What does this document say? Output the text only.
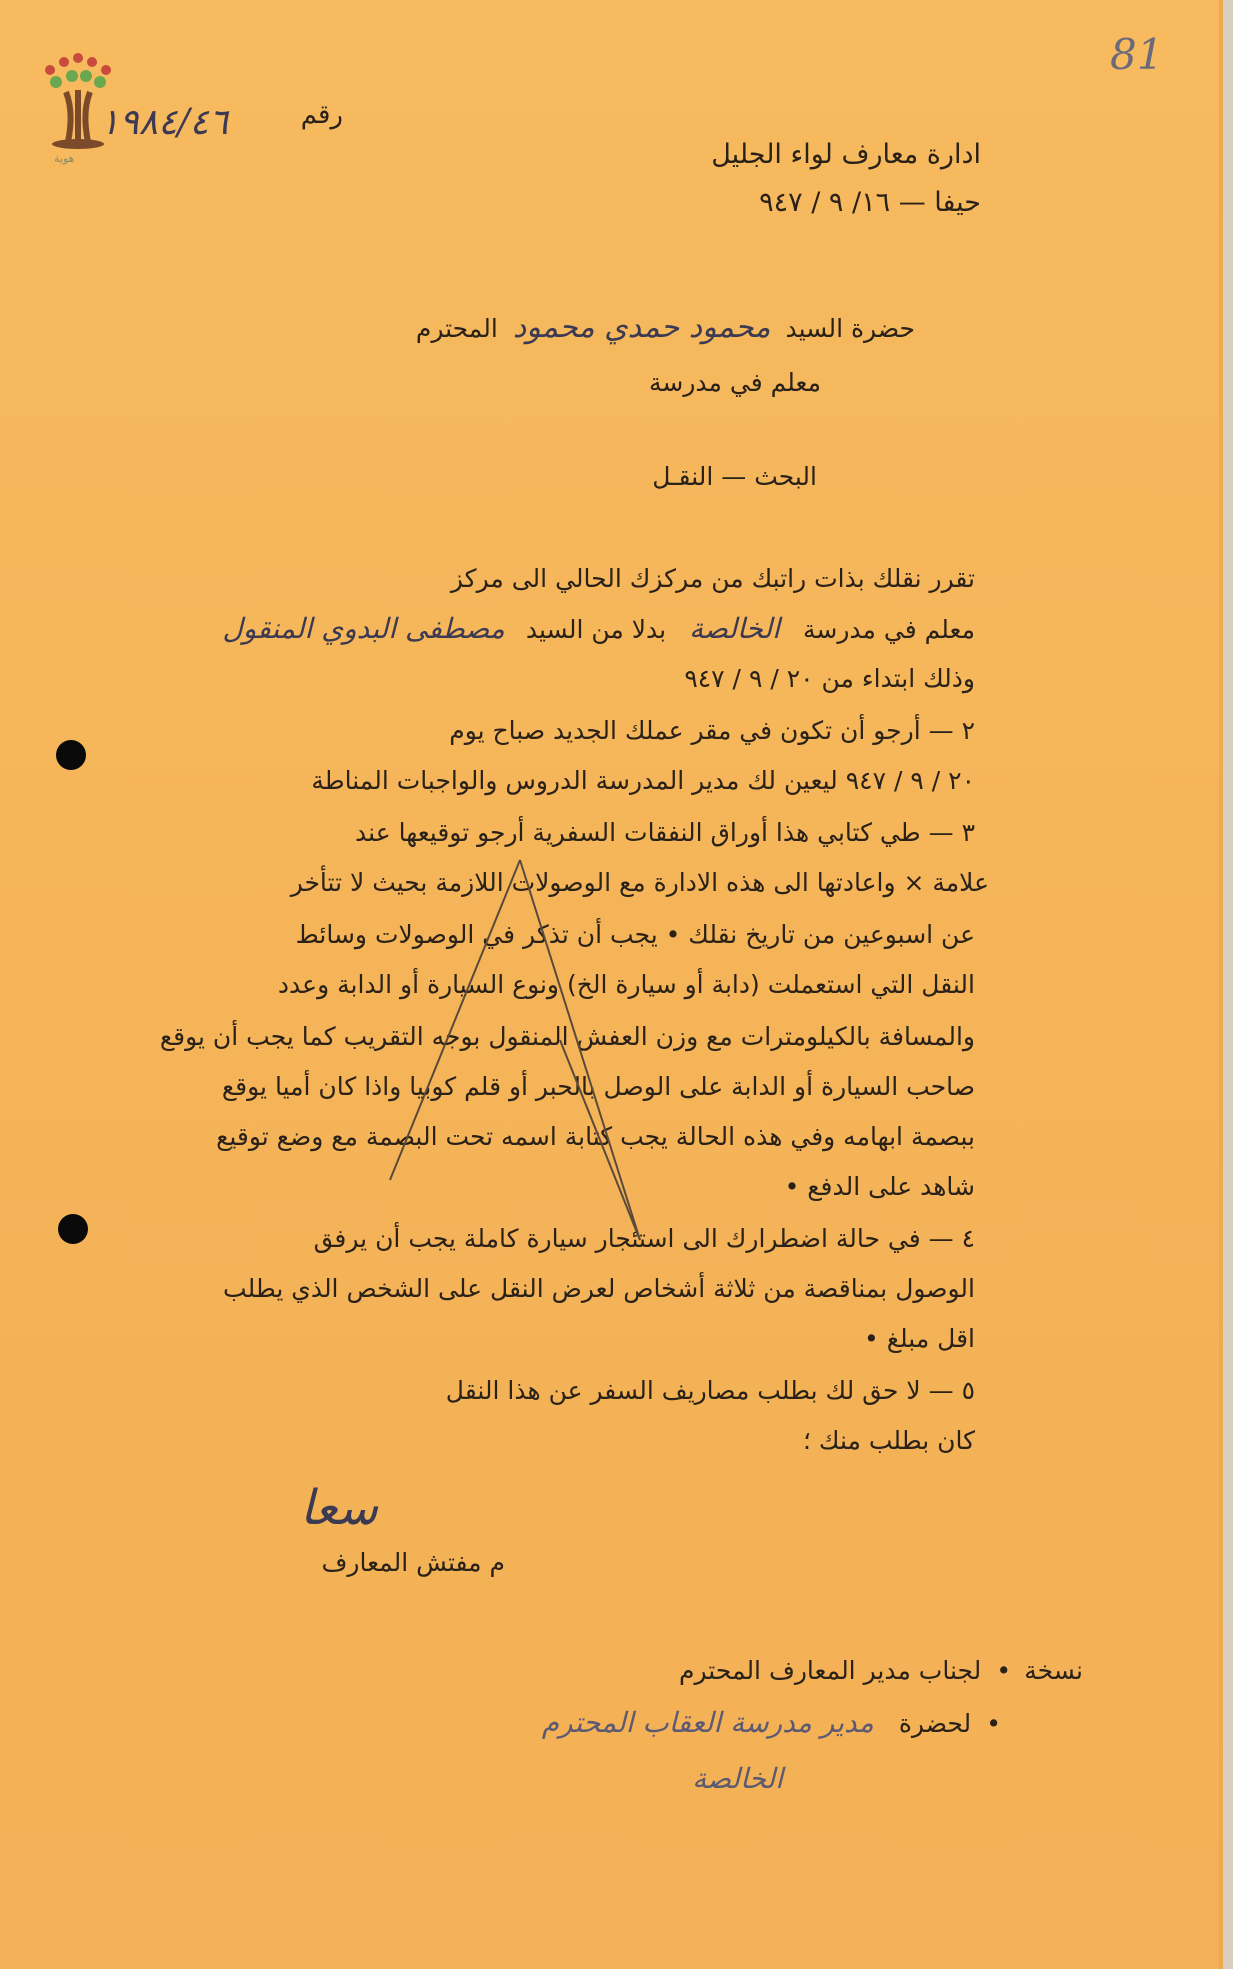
81
هوية
رقم
١٩٨٤/٤٦
ادارة معارف لواء الجليل
حيفا — ١٦/ ٩ / ٩٤٧
حضرة السيد محمود حمدي محمود المحترم
معلم في مدرسة
البحث — النقـل
تقرر نقلك بذات راتبك من مركزك الحالي الى مركز
معلم في مدرسة الخالصة بدلا من السيد مصطفى البدوي المنقول
وذلك ابتداء من ٢٠ / ٩ / ٩٤٧
٢ — أرجو أن تكون في مقر عملك الجديد صباح يوم
٢٠ / ٩ / ٩٤٧ ليعين لك مدير المدرسة الدروس والواجبات المناطة
٣ — طي كتابي هذا أوراق النفقات السفرية أرجو توقيعها عند
علامة × واعادتها الى هذه الادارة مع الوصولات اللازمة بحيث لا تتأخر
عن اسبوعين من تاريخ نقلك • يجب أن تذكر في الوصولات وسائط
النقل التي استعملت (دابة أو سيارة الخ) ونوع السيارة أو الدابة وعدد
والمسافة بالكيلومترات مع وزن العفش المنقول بوجه التقريب كما يجب أن يوقع
صاحب السيارة أو الدابة على الوصل بالحبر أو قلم كوبيا واذا كان أميا يوقع
ببصمة ابهامه وفي هذه الحالة يجب كتابة اسمه تحت البصمة مع وضع توقيع
شاهد على الدفع •
٤ — في حالة اضطرارك الى استئجار سيارة كاملة يجب أن يرفق
الوصول بمناقصة من ثلاثة أشخاص لعرض النقل على الشخص الذي يطلب
اقل مبلغ •
٥ — لا حق لك بطلب مصاريف السفر عن هذا النقل
كان بطلب منك ؛
سعا
م مفتش المعارف
نسخة • لجناب مدير المعارف المحترم
• لحضرة مدير مدرسة العقاب المحترم
الخالصة
